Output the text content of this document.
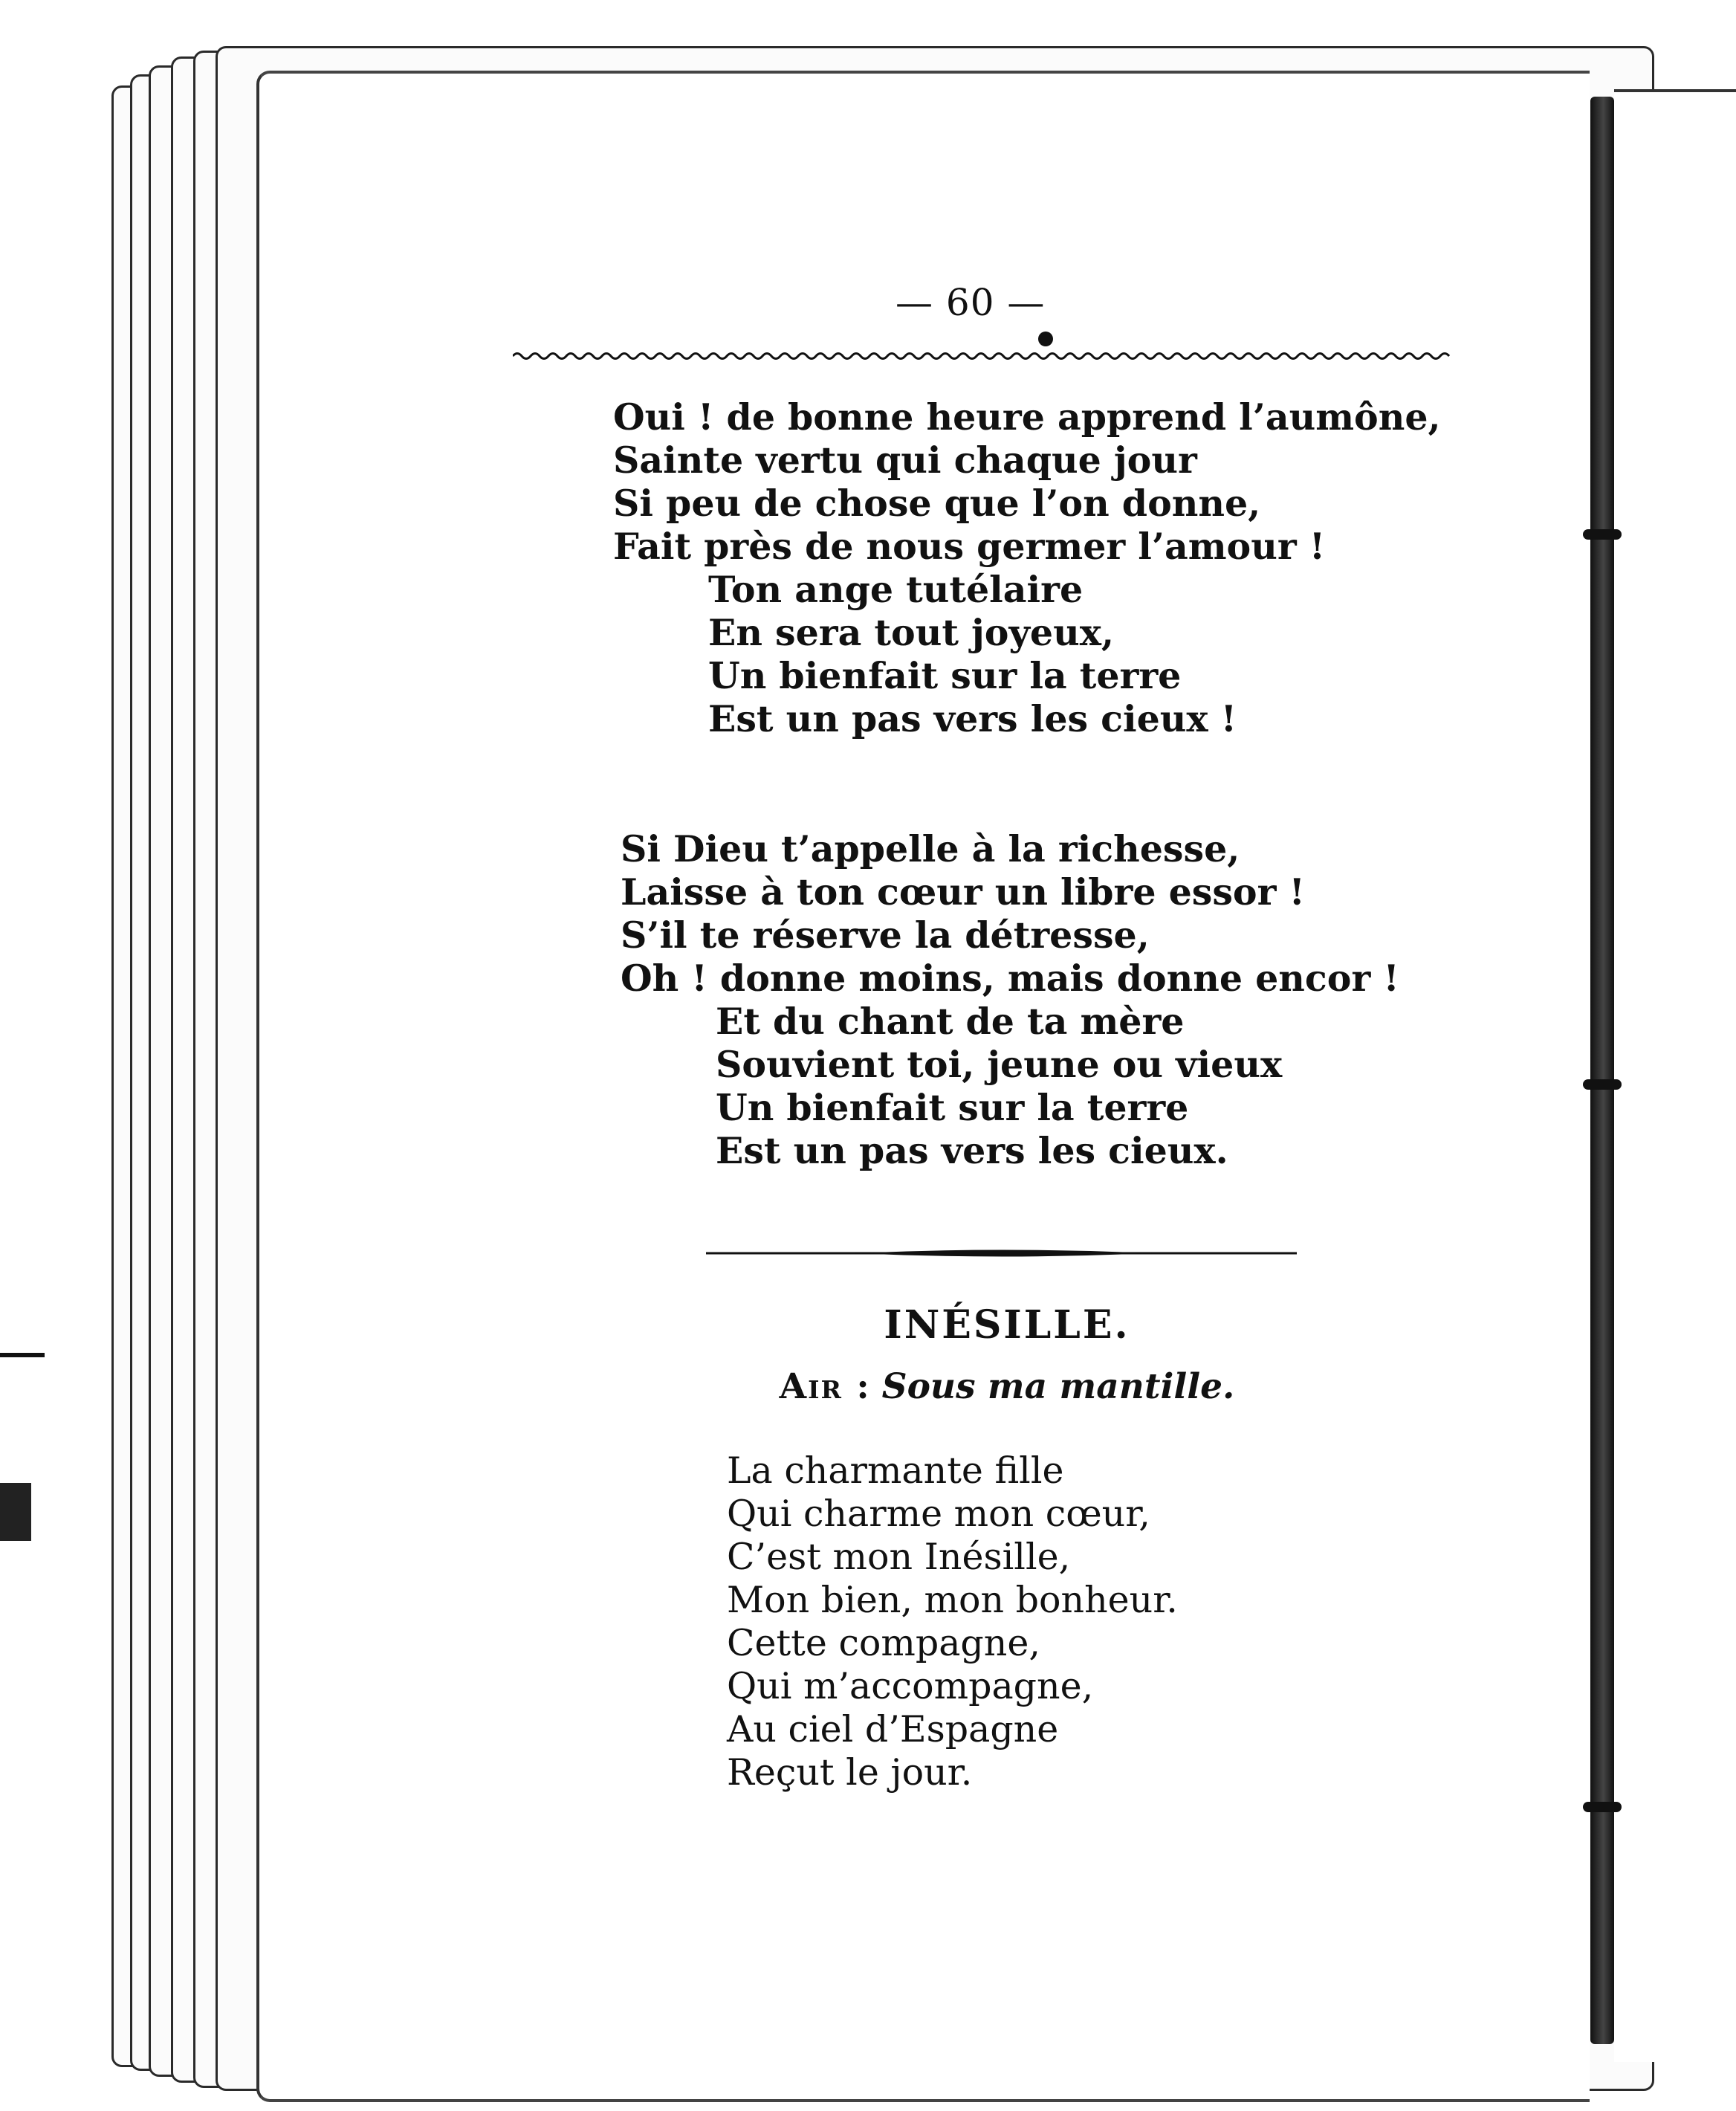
— 60 —
Oui ! de bonne heure apprend l’aumône,
Sainte vertu qui chaque jour
Si peu de chose que l’on donne,
Fait près de nous germer l’amour !
Ton ange tutélaire
En sera tout joyeux,
Un bienfait sur la terre
Est un pas vers les cieux !
Si Dieu t’appelle à la richesse,
Laisse à ton cœur un libre essor !
S’il te réserve la détresse,
Oh ! donne moins, mais donne encor !
Et du chant de ta mère
Souvient toi, jeune ou vieux
Un bienfait sur la terre
Est un pas vers les cieux.
INÉSILLE.
Air : Sous ma mantille.
La charmante fille
Qui charme mon cœur,
C’est mon Inésille,
Mon bien, mon bonheur.
Cette compagne,
Qui m’accompagne,
Au ciel d’Espagne
Reçut le jour.
